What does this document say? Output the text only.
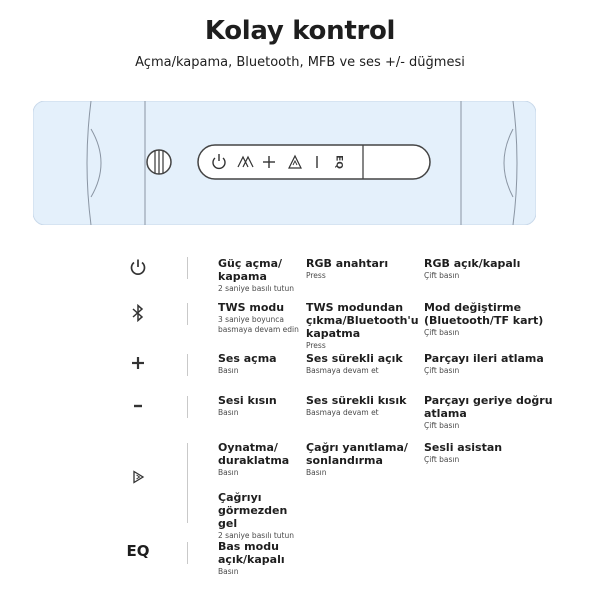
Kolay kontrol
Açma/kapama, Bluetooth, MFB ve ses +/- düğmesi
EQ
Güç açma/ kapama
2 saniye basılı tutun
RGB anahtarı
Press
RGB açık/kapalı
Çift basın
TWS modu
3 saniye boyunca basmaya devam edin
TWS modundan çıkma/Bluetooth'u kapatma
Press
Mod değiştirme (Bluetooth/TF kart)
Çift basın
Ses açma
Basın
Ses sürekli açık
Basmaya devam et
Parçayı ileri atlama
Çift basın
Sesi kısın
Basın
Ses sürekli kısık
Basmaya devam et
Parçayı geriye doğru atlama
Çift basın
Oynatma/ duraklatma
Basın
Çağrı yanıtlama/ sonlandırma
Basın
Sesli asistan
Çift basın
Çağrıyı görmezden gel
2 saniye basılı tutun
EQ	Bas modu açık/kapalı
Basın
